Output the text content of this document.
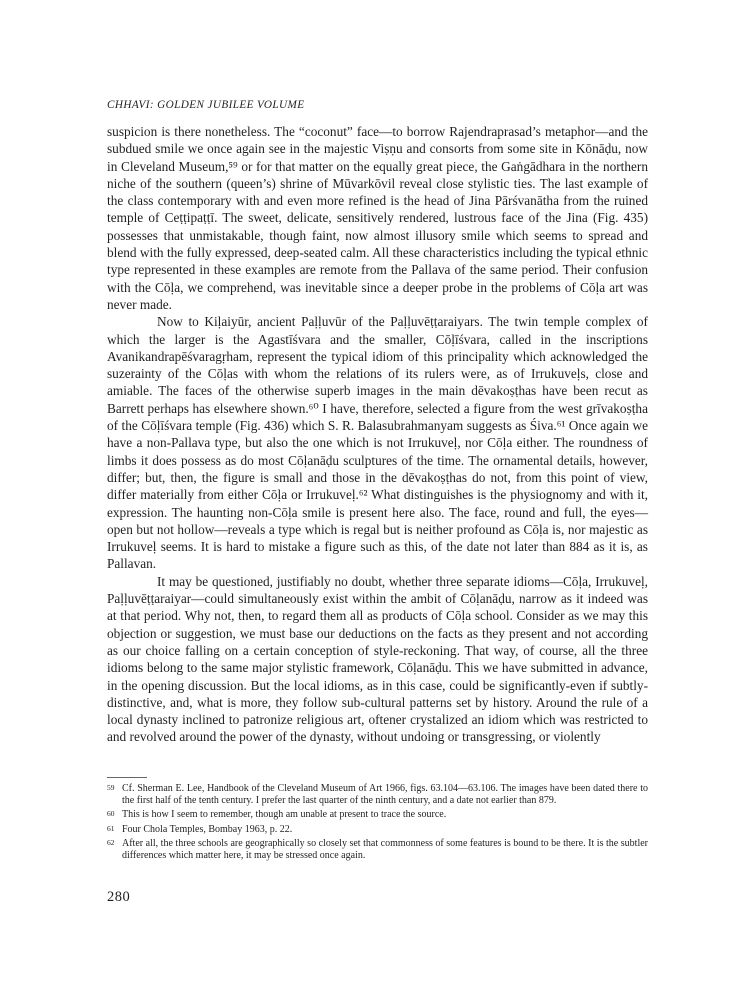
CHHAVI: GOLDEN JUBILEE VOLUME

suspicion is there nonetheless. The “coconut” face—to borrow Rajendraprasad’s metaphor—and the subdued smile we once again see in the majestic Viṣṇu and consorts from some site in Kōnāḍu, now in Cleveland Museum,⁵⁹ or for that matter on the equally great piece, the Gaṅgādhara in the northern niche of the southern (queen’s) shrine of Mūvarkōvil reveal close stylistic ties. The last example of the class contemporary with and even more refined is the head of Jina Pārśvanātha from the ruined temple of Ceṭṭipaṭṭī. The sweet, delicate, sensitively rendered, lustrous face of the Jina (Fig. 435) possesses that unmistakable, though faint, now almost illusory smile which seems to spread and blend with the fully expressed, deep-seated calm. All these characteristics including the typical ethnic type represented in these examples are remote from the Pallava of the same period. Their confusion with the Cōḷa, we comprehend, was inevitable since a deeper probe in the problems of Cōḷa art was never made.

Now to Kiḷaiyūr, ancient Paḷḷuvūr of the Paḷḷuvēṭṭaraiyars. The twin temple complex of which the larger is the Agastīśvara and the smaller, Cōḷīśvara, called in the inscriptions Avanikandrapēśvaragṛham, represent the typical idiom of this principality which acknowledged the suzerainty of the Cōḷas with whom the relations of its rulers were, as of Irrukuveḷs, close and amiable. The faces of the otherwise superb images in the main dēvakoṣṭhas have been recut as Barrett perhaps has elsewhere shown.⁶⁰ I have, therefore, selected a figure from the west grīvakoṣṭha of the Cōḷīśvara temple (Fig. 436) which S. R. Balasubrahmanyam suggests as Śiva.⁶¹ Once again we have a non-Pallava type, but also the one which is not Irrukuveḷ, nor Cōḷa either. The roundness of limbs it does possess as do most Cōḷanāḍu sculptures of the time. The ornamental details, however, differ; but, then, the figure is small and those in the dēvakoṣṭhas do not, from this point of view, differ materially from either Cōḷa or Irrukuveḷ.⁶² What distinguishes is the physiognomy and with it, expression. The haunting non-Cōḷa smile is present here also. The face, round and full, the eyes—open but not hollow—reveals a type which is regal but is neither profound as Cōḷa is, nor majestic as Irrukuveḷ seems. It is hard to mistake a figure such as this, of the date not later than 884 as it is, as Pallavan.

It may be questioned, justifiably no doubt, whether three separate idioms—Cōḷa, Irrukuveḷ, Paḷḷuvēṭṭaraiyar—could simultaneously exist within the ambit of Cōḷanāḍu, narrow as it indeed was at that period. Why not, then, to regard them all as products of Cōḷa school. Consider as we may this objection or suggestion, we must base our deductions on the facts as they present and not according as our choice falling on a certain conception of style-reckoning. That way, of course, all the three idioms belong to the same major stylistic framework, Cōḷanāḍu. This we have submitted in advance, in the opening discussion. But the local idioms, as in this case, could be significantly-even if subtly-distinctive, and, what is more, they follow sub-cultural patterns set by history. Around the rule of a local dynasty inclined to patronize religious art, oftener crystalized an idiom which was restricted to and revolved around the power of the dynasty, without undoing or transgressing, or violently

59 Cf. Sherman E. Lee, Handbook of the Cleveland Museum of Art 1966, figs. 63.104—63.106. The images have been dated there to the first half of the tenth century. I prefer the last quarter of the ninth century, and a date not earlier than 879.
60 This is how I seem to remember, though am unable at present to trace the source.
61 Four Chola Temples, Bombay 1963, p. 22.
62 After all, the three schools are geographically so closely set that commonness of some features is bound to be there. It is the subtler differences which matter here, it may be stressed once again.
280
